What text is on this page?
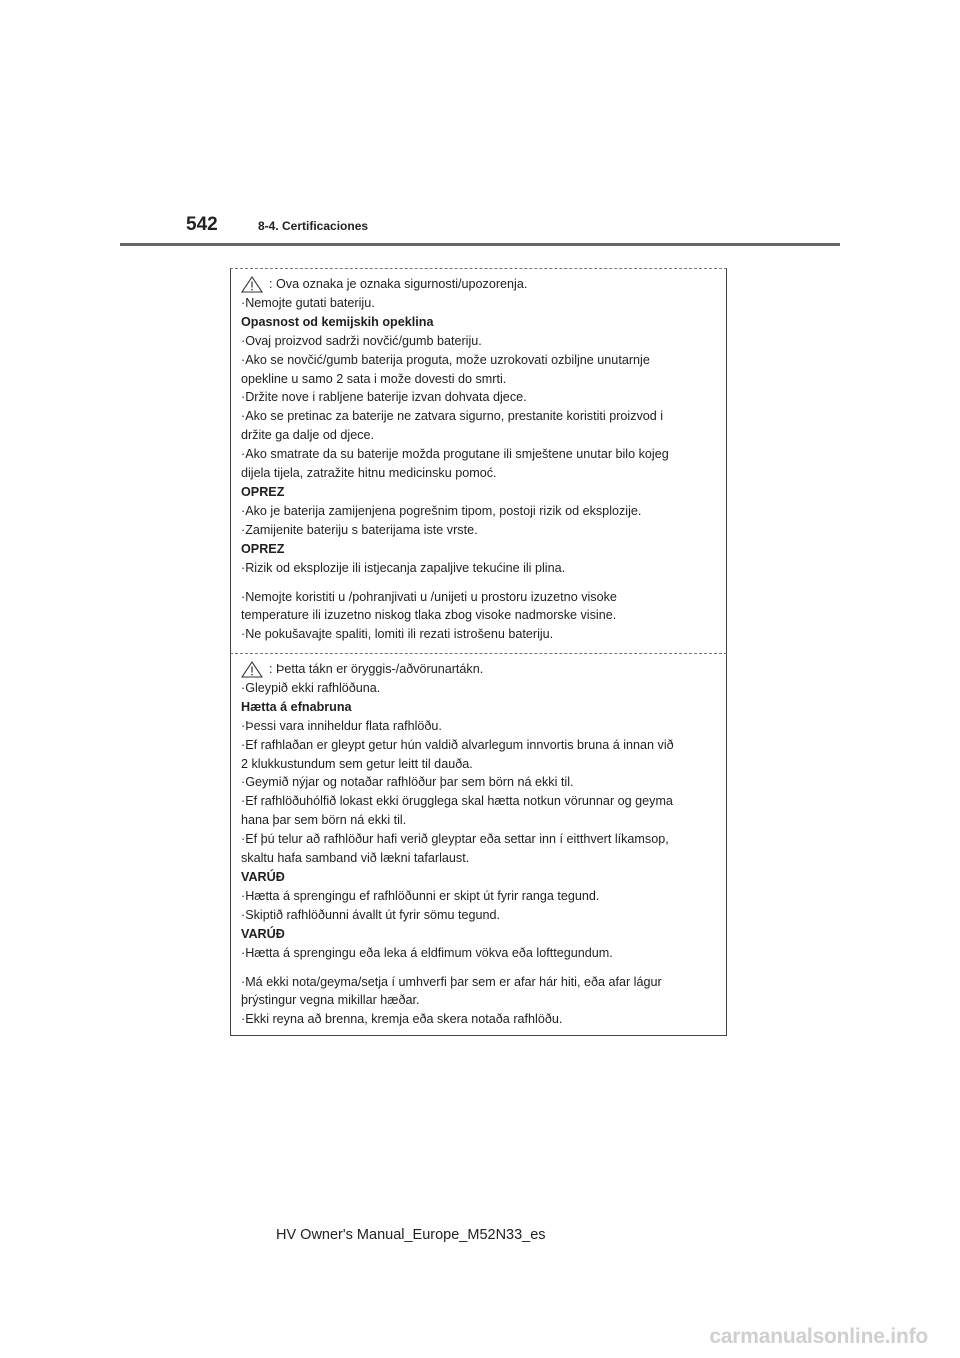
542	8-4. Certificaciones
: Ova oznaka je oznaka sigurnosti/upozorenja.
·Nemojte gutati bateriju.
Opasnost od kemijskih opeklina
·Ovaj proizvod sadrži novčić/gumb bateriju.
·Ako se novčić/gumb baterija proguta, može uzrokovati ozbiljne unutarnje
opekline u samo 2 sata i može dovesti do smrti.
·Držite nove i rabljene baterije izvan dohvata djece.
·Ako se pretinac za baterije ne zatvara sigurno, prestanite koristiti proizvod i
držite ga dalje od djece.
·Ako smatrate da su baterije možda progutane ili smještene unutar bilo kojeg
dijela tijela, zatražite hitnu medicinsku pomoć.
OPREZ
·Ako je baterija zamijenjena pogrešnim tipom, postoji rizik od eksplozije.
·Zamijenite bateriju s baterijama iste vrste.
OPREZ
·Rizik od eksplozije ili istjecanja zapaljive tekućine ili plina.
·Nemojte koristiti u /pohranjivati u /unijeti u prostoru izuzetno visoke
temperature ili izuzetno niskog tlaka zbog visoke nadmorske visine.
·Ne pokušavajte spaliti, lomiti ili rezati istrošenu bateriju.
: Þetta tákn er öryggis-/aðvörunartákn.
·Gleypið ekki rafhlöðuna.
Hætta á efnabruna
·Þessi vara inniheldur flata rafhlöðu.
·Ef rafhlaðan er gleypt getur hún valdið alvarlegum innvortis bruna á innan við
2 klukkustundum sem getur leitt til dauða.
·Geymið nýjar og notaðar rafhlöður þar sem börn ná ekki til.
·Ef rafhlöðuhólfið lokast ekki örugglega skal hætta notkun vörunnar og geyma
hana þar sem börn ná ekki til.
·Ef þú telur að rafhlöður hafi verið gleyptar eða settar inn í eitthvert líkamsop,
skaltu hafa samband við lækni tafarlaust.
VARÚÐ
·Hætta á sprengingu ef rafhlöðunni er skipt út fyrir ranga tegund.
·Skiptið rafhlöðunni ávallt út fyrir sömu tegund.
VARÚÐ
·Hætta á sprengingu eða leka á eldfimum vökva eða lofttegundum.
·Má ekki nota/geyma/setja í umhverfi þar sem er afar hár hiti, eða afar lágur
þrýstingur vegna mikillar hæðar.
·Ekki reyna að brenna, kremja eða skera notaða rafhlöðu.
HV Owner's Manual_Europe_M52N33_es
carmanualsonline.info
